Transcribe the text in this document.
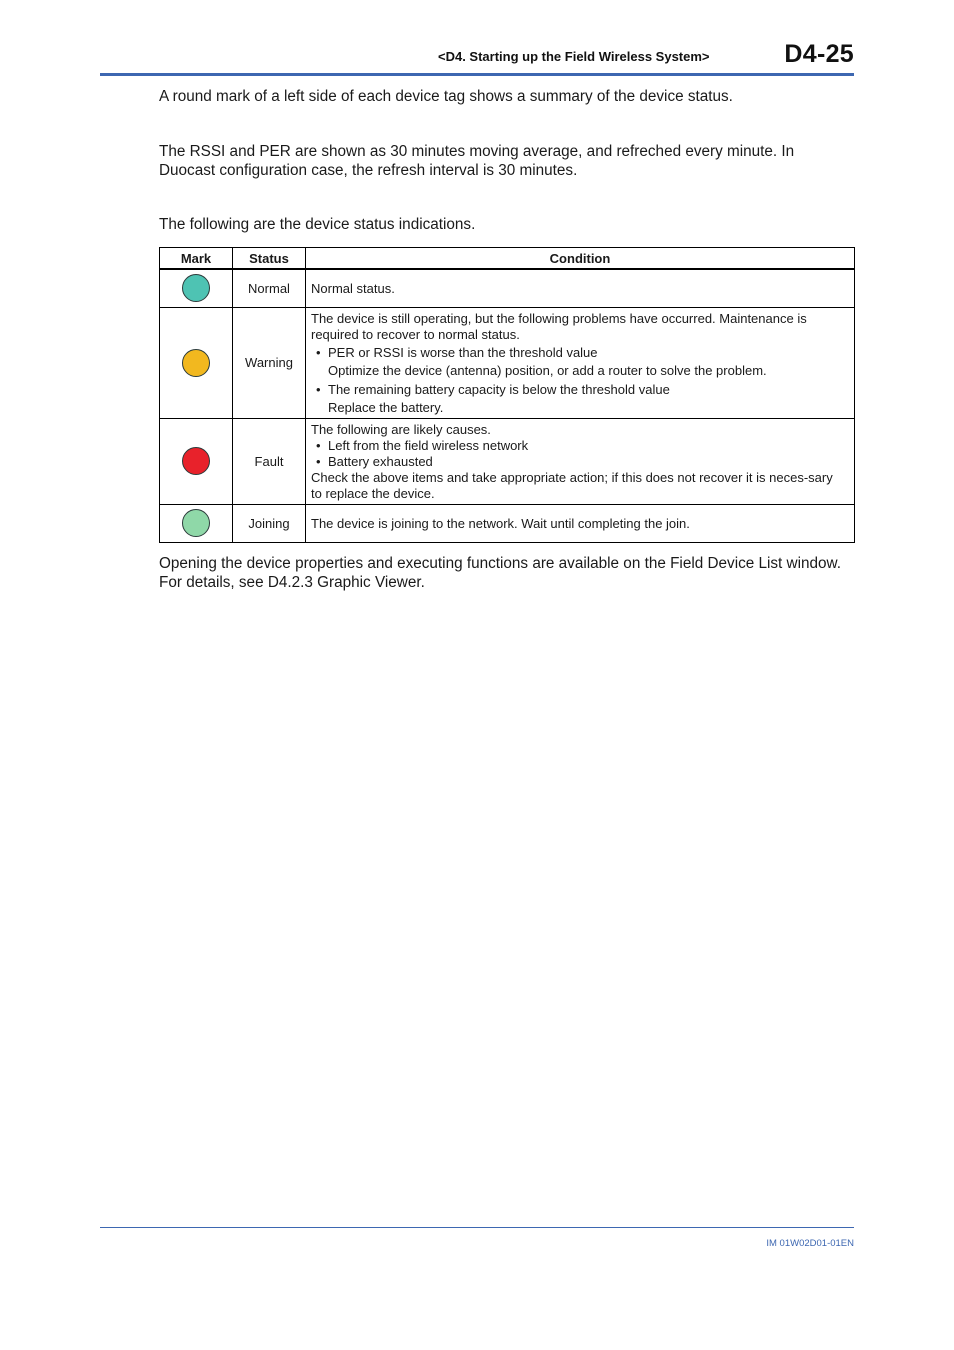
<D4. Starting up the Field Wireless System>	D4-25

A round mark of a left side of each device tag shows a summary of the device status.

The RSSI and PER are shown as 30 minutes moving average, and refreched every minute. In Duocast configuration case, the refresh interval is 30 minutes.

The following are the device status indications.

Mark	Status	Condition
	Normal	Normal status.

	Warning	The device is still operating, but the following problems have occurred. Maintenance is required to recover to normal status.
• PER or RSSI is worse than the threshold value
Optimize the device (antenna) position, or add a router to solve the problem.
• The remaining battery capacity is below the threshold value
Replace the battery.

	Fault	The following are likely causes.
• Left from the field wireless network
• Battery exhausted
Check the above items and take appropriate action; if this does not recover it is neces-sary to replace the device.

	Joining	The device is joining to the network. Wait until completing the join.

Opening the device properties and executing functions are available on the Field Device List window. For details, see D4.2.3 Graphic Viewer.

IM 01W02D01-01EN
